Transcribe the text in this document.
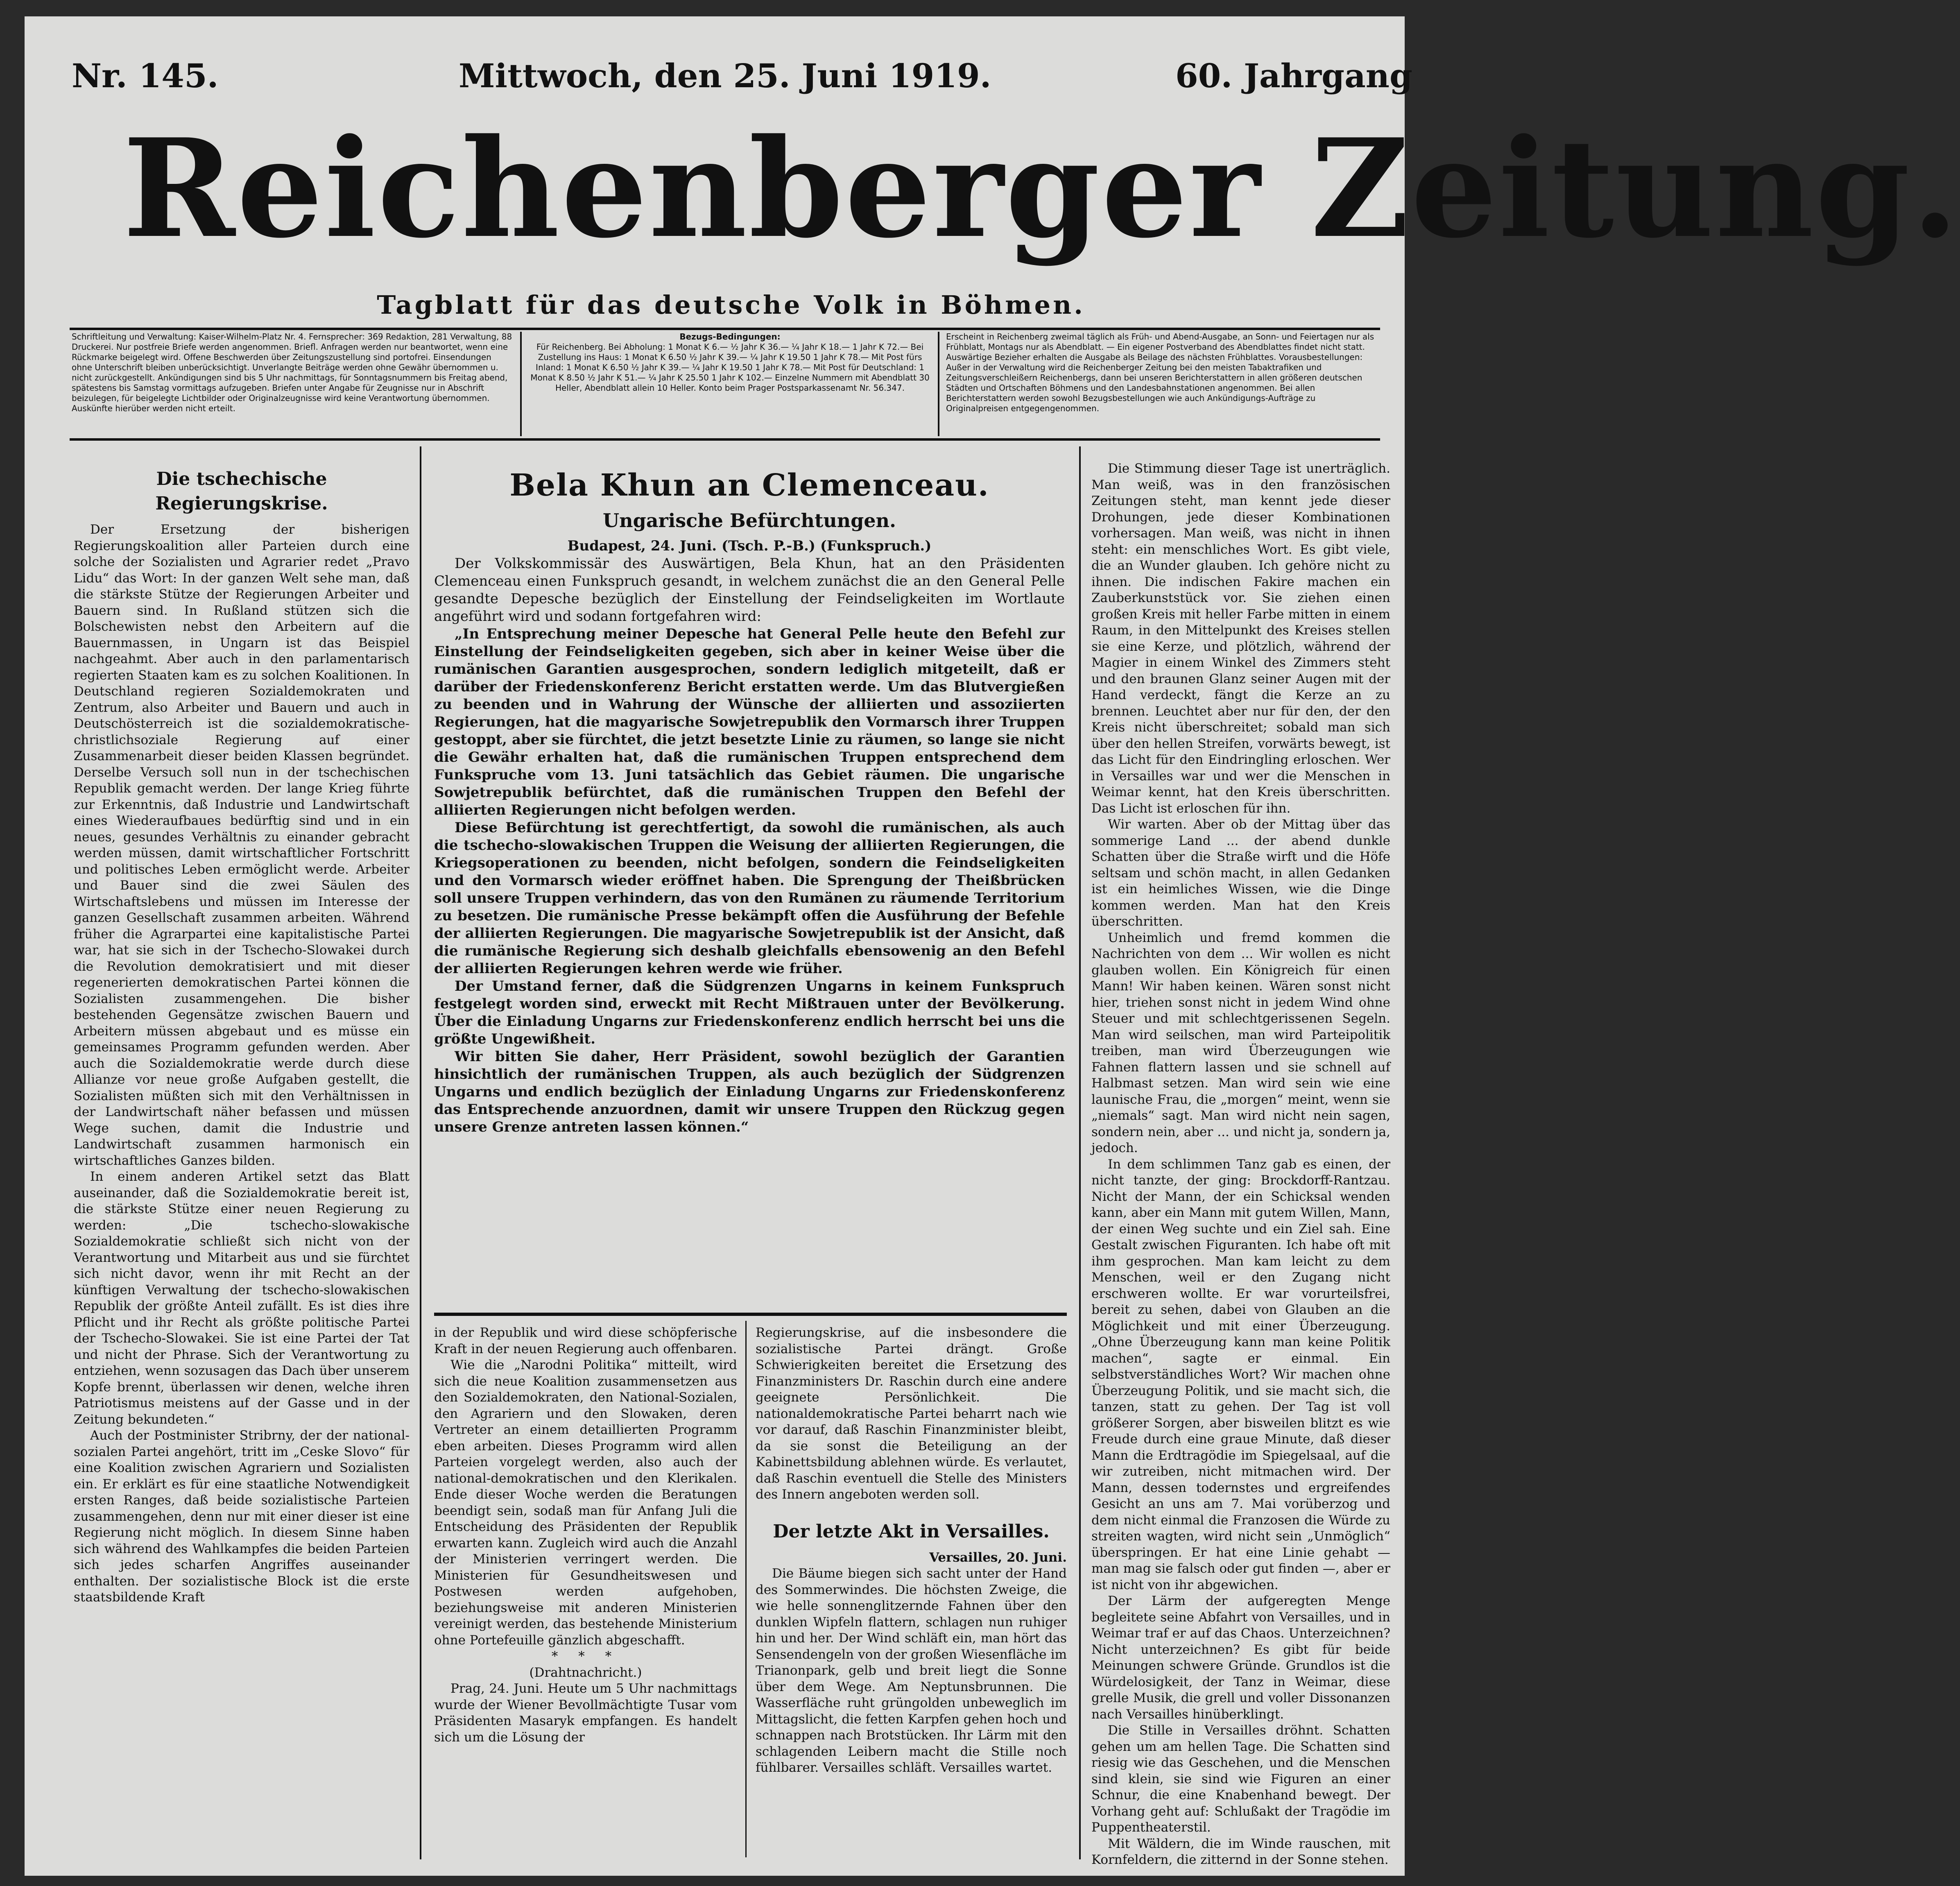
Nr. 145.	Mittwoch, den 25. Juni 1919.	60. Jahrgang
Reichenberger Zeitung.
Tagblatt für das deutsche Volk in Böhmen.
Schriftleitung und Verwaltung: Kaiser-Wilhelm-Platz Nr. 4. Fernsprecher: 369 Redaktion, 281 Verwaltung, 88 Druckerei. Nur postfreie Briefe werden angenommen. Briefl. Anfragen werden nur beantwortet, wenn eine Rückmarke beigelegt wird. Offene Beschwerden über Zeitungszustellung sind portofrei. Einsendungen ohne Unterschrift bleiben unberücksichtigt. Unverlangte Beiträge werden ohne Gewähr übernommen u. nicht zurückgestellt. Ankündigungen sind bis 5 Uhr nachmittags, für Sonntagsnummern bis Freitag abend, spätestens bis Samstag vormittags aufzugeben. Briefen unter Angabe für Zeugnisse nur in Abschrift beizulegen, für beigelegte Lichtbilder oder Originalzeugnisse wird keine Verantwortung übernommen. Auskünfte hierüber werden nicht erteilt.
Bezugs-Bedingungen:
Für Reichenberg. Bei Abholung: 1 Monat K 6.— ½ Jahr K 36.— ¼ Jahr K 18.— 1 Jahr K 72.— Bei Zustellung ins Haus: 1 Monat K 6.50 ½ Jahr K 39.— ¼ Jahr K 19.50 1 Jahr K 78.— Mit Post fürs Inland: 1 Monat K 6.50 ½ Jahr K 39.— ¼ Jahr K 19.50 1 Jahr K 78.— Mit Post für Deutschland: 1 Monat K 8.50 ½ Jahr K 51.— ¼ Jahr K 25.50 1 Jahr K 102.— Einzelne Nummern mit Abendblatt 30 Heller, Abendblatt allein 10 Heller. Konto beim Prager Postsparkassenamt Nr. 56.347.
Erscheint in Reichenberg zweimal täglich als Früh- und Abend-Ausgabe, an Sonn- und Feiertagen nur als Frühblatt, Montags nur als Abendblatt. — Ein eigener Postverband des Abendblattes findet nicht statt. Auswärtige Bezieher erhalten die Ausgabe als Beilage des nächsten Frühblattes. Vorausbestellungen: Außer in der Verwaltung wird die Reichenberger Zeitung bei den meisten Tabaktrafiken und Zeitungsverschleißern Reichenbergs, dann bei unseren Berichterstattern in allen größeren deutschen Städten und Ortschaften Böhmens und den Landesbahnstationen angenommen. Bei allen Berichterstattern werden sowohl Bezugsbestellungen wie auch Ankündigungs-Aufträge zu Originalpreisen entgegengenommen.
Die tschechische Regierungskrise.

Der Ersetzung der bisherigen Regierungskoalition aller Parteien durch eine solche der Sozialisten und Agrarier redet „Pravo Lidu“ das Wort: In der ganzen Welt sehe man, daß die stärkste Stütze der Regierungen Arbeiter und Bauern sind. In Rußland stützen sich die Bolschewisten nebst den Arbeitern auf die Bauernmassen, in Ungarn ist das Beispiel nachgeahmt. Aber auch in den parlamentarisch regierten Staaten kam es zu solchen Koalitionen. In Deutschland regieren Sozialdemokraten und Zentrum, also Arbeiter und Bauern und auch in Deutschösterreich ist die sozialdemokratische-christlichsoziale Regierung auf einer Zusammenarbeit dieser beiden Klassen begründet. Derselbe Versuch soll nun in der tschechischen Republik gemacht werden. Der lange Krieg führte zur Erkenntnis, daß Industrie und Landwirtschaft eines Wiederaufbaues bedürftig sind und in ein neues, gesundes Verhältnis zu einander gebracht werden müssen, damit wirtschaftlicher Fortschritt und politisches Leben ermöglicht werde. Arbeiter und Bauer sind die zwei Säulen des Wirtschaftslebens und müssen im Interesse der ganzen Gesellschaft zusammen arbeiten. Während früher die Agrarpartei eine kapitalistische Partei war, hat sie sich in der Tschecho-Slowakei durch die Revolution demokratisiert und mit dieser regenerierten demokratischen Partei können die Sozialisten zusammengehen. Die bisher bestehenden Gegensätze zwischen Bauern und Arbeitern müssen abgebaut und es müsse ein gemeinsames Programm gefunden werden. Aber auch die Sozialdemokratie werde durch diese Allianze vor neue große Aufgaben gestellt, die Sozialisten müßten sich mit den Verhältnissen in der Landwirtschaft näher befassen und müssen Wege suchen, damit die Industrie und Landwirtschaft zusammen harmonisch ein wirtschaftliches Ganzes bilden.

In einem anderen Artikel setzt das Blatt auseinander, daß die Sozialdemokratie bereit ist, die stärkste Stütze einer neuen Regierung zu werden: „Die tschecho-slowakische Sozialdemokratie schließt sich nicht von der Verantwortung und Mitarbeit aus und sie fürchtet sich nicht davor, wenn ihr mit Recht an der künftigen Verwaltung der tschecho-slowakischen Republik der größte Anteil zufällt. Es ist dies ihre Pflicht und ihr Recht als größte politische Partei der Tschecho-Slowakei. Sie ist eine Partei der Tat und nicht der Phrase. Sich der Verantwortung zu entziehen, wenn sozusagen das Dach über unserem Kopfe brennt, überlassen wir denen, welche ihren Patriotismus meistens auf der Gasse und in der Zeitung bekundeten.“

Auch der Postminister Stribrny, der der national-sozialen Partei angehört, tritt im „Ceske Slovo“ für eine Koalition zwischen Agrariern und Sozialisten ein. Er erklärt es für eine staatliche Notwendigkeit ersten Ranges, daß beide sozialistische Parteien zusammengehen, denn nur mit einer dieser ist eine Regierung nicht möglich. In diesem Sinne haben sich während des Wahlkampfes die beiden Parteien sich jedes scharfen Angriffes auseinander enthalten. Der sozialistische Block ist die erste staatsbildende Kraft

Bela Khun an Clemenceau.
Ungarische Befürchtungen.

Budapest, 24. Juni. (Tsch. P.-B.) (Funkspruch.)

Der Volkskommissär des Auswärtigen, Bela Khun, hat an den Präsidenten Clemenceau einen Funkspruch gesandt, in welchem zunächst die an den General Pelle gesandte Depesche bezüglich der Einstellung der Feindseligkeiten im Wortlaute angeführt wird und sodann fortgefahren wird:

„In Entsprechung meiner Depesche hat General Pelle heute den Befehl zur Einstellung der Feindseligkeiten gegeben, sich aber in keiner Weise über die rumänischen Garantien ausgesprochen, sondern lediglich mitgeteilt, daß er darüber der Friedenskonferenz Bericht erstatten werde. Um das Blutvergießen zu beenden und in Wahrung der Wünsche der alliierten und assoziierten Regierungen, hat die magyarische Sowjetrepublik den Vormarsch ihrer Truppen gestoppt, aber sie fürchtet, die jetzt besetzte Linie zu räumen, so lange sie nicht die Gewähr erhalten hat, daß die rumänischen Truppen entsprechend dem Funkspruche vom 13. Juni tatsächlich das Gebiet räumen. Die ungarische Sowjetrepublik befürchtet, daß die rumänischen Truppen den Befehl der alliierten Regierungen nicht befolgen werden.

Diese Befürchtung ist gerechtfertigt, da sowohl die rumänischen, als auch die tschecho-slowakischen Truppen die Weisung der alliierten Regierungen, die Kriegsoperationen zu beenden, nicht befolgen, sondern die Feindseligkeiten und den Vormarsch wieder eröffnet haben. Die Sprengung der Theißbrücken soll unsere Truppen verhindern, das von den Rumänen zu räumende Territorium zu besetzen. Die rumänische Presse bekämpft offen die Ausführung der Befehle der alliierten Regierungen. Die magyarische Sowjetrepublik ist der Ansicht, daß die rumänische Regierung sich deshalb gleichfalls ebensowenig an den Befehl der alliierten Regierungen kehren werde wie früher.

Der Umstand ferner, daß die Südgrenzen Ungarns in keinem Funkspruch festgelegt worden sind, erweckt mit Recht Mißtrauen unter der Bevölkerung. Über die Einladung Ungarns zur Friedenskonferenz endlich herrscht bei uns die größte Ungewißheit.

Wir bitten Sie daher, Herr Präsident, sowohl bezüglich der Garantien hinsichtlich der rumänischen Truppen, als auch bezüglich der Südgrenzen Ungarns und endlich bezüglich der Einladung Ungarns zur Friedenskonferenz das Entsprechende anzuordnen, damit wir unsere Truppen den Rückzug gegen unsere Grenze antreten lassen können.“

in der Republik und wird diese schöpferische Kraft in der neuen Regierung auch offenbaren.

Wie die „Narodni Politika“ mitteilt, wird sich die neue Koalition zusammensetzen aus den Sozialdemokraten, den National-Sozialen, den Agrariern und den Slowaken, deren Vertreter an einem detaillierten Programm eben arbeiten. Dieses Programm wird allen Parteien vorgelegt werden, also auch der national-demokratischen und den Klerikalen. Ende dieser Woche werden die Beratungen beendigt sein, sodaß man für Anfang Juli die Entscheidung des Präsidenten der Republik erwarten kann. Zugleich wird auch die Anzahl der Ministerien verringert werden. Die Ministerien für Gesundheitswesen und Postwesen werden aufgehoben, beziehungsweise mit anderen Ministerien vereinigt werden, das bestehende Ministerium ohne Portefeuille gänzlich abgeschafft.

* * *

(Drahtnachricht.)

Prag, 24. Juni. Heute um 5 Uhr nachmittags wurde der Wiener Bevollmächtigte Tusar vom Präsidenten Masaryk empfangen. Es handelt sich um die Lösung der

Regierungskrise, auf die insbesondere die sozialistische Partei drängt. Große Schwierigkeiten bereitet die Ersetzung des Finanzministers Dr. Raschin durch eine andere geeignete Persönlichkeit. Die nationaldemokratische Partei beharrt nach wie vor darauf, daß Raschin Finanzminister bleibt, da sie sonst die Beteiligung an der Kabinettsbildung ablehnen würde. Es verlautet, daß Raschin eventuell die Stelle des Ministers des Innern angeboten werden soll.

Der letzte Akt in Versailles.

Versailles, 20. Juni.

Die Bäume biegen sich sacht unter der Hand des Sommerwindes. Die höchsten Zweige, die wie helle sonnenglitzernde Fahnen über den dunklen Wipfeln flattern, schlagen nun ruhiger hin und her. Der Wind schläft ein, man hört das Sensendengeln von der großen Wiesenfläche im Trianonpark, gelb und breit liegt die Sonne über dem Wege. Am Neptunsbrunnen. Die Wasserfläche ruht grüngolden unbeweglich im Mittagslicht, die fetten Karpfen gehen hoch und schnappen nach Brotstücken. Ihr Lärm mit den schlagenden Leibern macht die Stille noch fühlbarer. Versailles schläft. Versailles wartet.

Die Stimmung dieser Tage ist unerträglich. Man weiß, was in den französischen Zeitungen steht, man kennt jede dieser Drohungen, jede dieser Kombinationen vorhersagen. Man weiß, was nicht in ihnen steht: ein menschliches Wort. Es gibt viele, die an Wunder glauben. Ich gehöre nicht zu ihnen. Die indischen Fakire machen ein Zauberkunststück vor. Sie ziehen einen großen Kreis mit heller Farbe mitten in einem Raum, in den Mittelpunkt des Kreises stellen sie eine Kerze, und plötzlich, während der Magier in einem Winkel des Zimmers steht und den braunen Glanz seiner Augen mit der Hand verdeckt, fängt die Kerze an zu brennen. Leuchtet aber nur für den, der den Kreis nicht überschreitet; sobald man sich über den hellen Streifen, vorwärts bewegt, ist das Licht für den Eindringling erloschen. Wer in Versailles war und wer die Menschen in Weimar kennt, hat den Kreis überschritten. Das Licht ist erloschen für ihn.

Wir warten. Aber ob der Mittag über das sommerige Land ... der abend dunkle Schatten über die Straße wirft und die Höfe seltsam und schön macht, in allen Gedanken ist ein heimliches Wissen, wie die Dinge kommen werden. Man hat den Kreis überschritten.

Unheimlich und fremd kommen die Nachrichten von dem ... Wir wollen es nicht glauben wollen. Ein Königreich für einen Mann! Wir haben keinen. Wären sonst nicht hier, triehen sonst nicht in jedem Wind ohne Steuer und mit schlechtgerissenen Segeln. Man wird seilschen, man wird Parteipolitik treiben, man wird Überzeugungen wie Fahnen flattern lassen und sie schnell auf Halbmast setzen. Man wird sein wie eine launische Frau, die „morgen“ meint, wenn sie „niemals“ sagt. Man wird nicht nein sagen, sondern nein, aber ... und nicht ja, sondern ja, jedoch.

In dem schlimmen Tanz gab es einen, der nicht tanzte, der ging: Brockdorff-Rantzau. Nicht der Mann, der ein Schicksal wenden kann, aber ein Mann mit gutem Willen, Mann, der einen Weg suchte und ein Ziel sah. Eine Gestalt zwischen Figuranten. Ich habe oft mit ihm gesprochen. Man kam leicht zu dem Menschen, weil er den Zugang nicht erschweren wollte. Er war vorurteilsfrei, bereit zu sehen, dabei von Glauben an die Möglichkeit und mit einer Überzeugung. „Ohne Überzeugung kann man keine Politik machen“, sagte er einmal. Ein selbstverständliches Wort? Wir machen ohne Überzeugung Politik, und sie macht sich, die tanzen, statt zu gehen. Der Tag ist voll größerer Sorgen, aber bisweilen blitzt es wie Freude durch eine graue Minute, daß dieser Mann die Erdtragödie im Spiegelsaal, auf die wir zutreiben, nicht mitmachen wird. Der Mann, dessen todernstes und ergreifendes Gesicht an uns am 7. Mai vorüberzog und dem nicht einmal die Franzosen die Würde zu streiten wagten, wird nicht sein „Unmöglich“ überspringen. Er hat eine Linie gehabt — man mag sie falsch oder gut finden —, aber er ist nicht von ihr abgewichen.

Der Lärm der aufgeregten Menge begleitete seine Abfahrt von Versailles, und in Weimar traf er auf das Chaos. Unterzeichnen? Nicht unterzeichnen? Es gibt für beide Meinungen schwere Gründe. Grundlos ist die Würdelosigkeit, der Tanz in Weimar, diese grelle Musik, die grell und voller Dissonanzen nach Versailles hinüberklingt.

Die Stille in Versailles dröhnt. Schatten gehen um am hellen Tage. Die Schatten sind riesig wie das Geschehen, und die Menschen sind klein, sie sind wie Figuren an einer Schnur, die eine Knabenhand bewegt. Der Vorhang geht auf: Schlußakt der Tragödie im Puppentheaterstil.

Mit Wäldern, die im Winde rauschen, mit Kornfeldern, die zitternd in der Sonne stehen.
